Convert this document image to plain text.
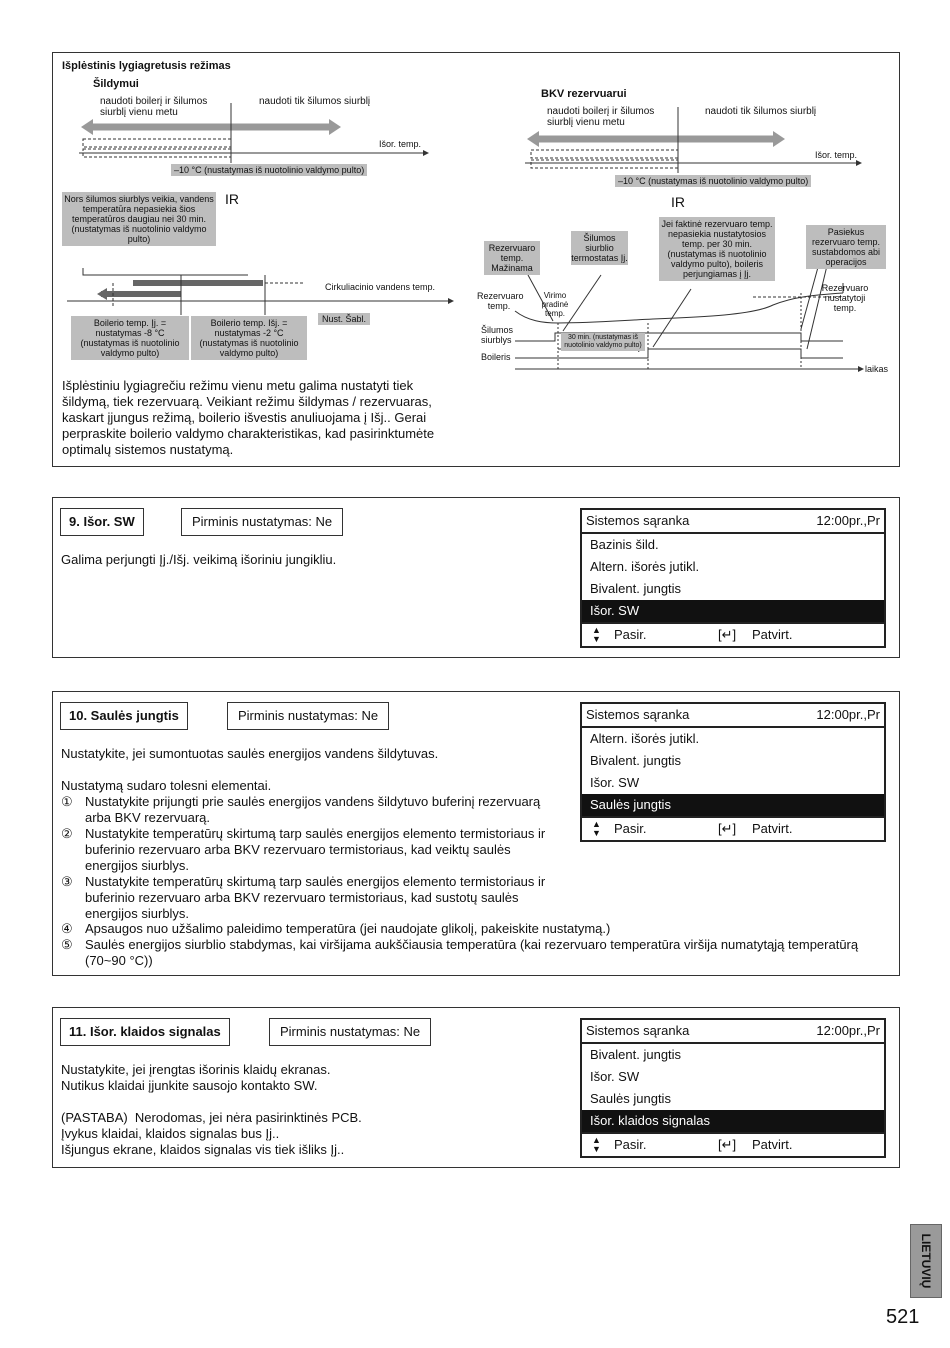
Išplėstinis lygiagretusis režimas
Šildymui
naudoti boilerį ir šilumos siurblį vienu metu
naudoti tik šilumos siurblį
Išor. temp.
–10 °C (nustatymas iš nuotolinio valdymo pulto)
Nors šilumos siurblys veikia, vandens temperatūra nepasiekia šios temperatūros daugiau nei 30 min. (nustatymas iš nuotolinio valdymo pulto)
IR
Cirkuliacinio vandens temp.
Boilerio temp. Įj. = nustatymas -8 °C (nustatymas iš nuotolinio valdymo pulto)
Boilerio temp. Išj. = nustatymas -2 °C (nustatymas iš nuotolinio valdymo pulto)
Nust. Šabl.
Išplėstiniu lygiagrečiu režimu vienu metu galima nustatyti tiek šildymą, tiek rezervuarą. Veikiant režimu šildymas / rezervuaras, kaskart įjungus režimą, boilerio išvestis anuliuojama į Išj.. Gerai perpraskite boilerio valdymo charakteristikas, kad pasirinktumėte optimalų sistemos nustatymą.
BKV rezervuarui
naudoti boilerį ir šilumos siurblį vienu metu
naudoti tik šilumos siurblį
Išor. temp.
–10 °C (nustatymas iš nuotolinio valdymo pulto)
IR
Rezervuaro temp. Mažinama
Šilumos siurblio termostatas Įj.
Jei faktinė rezervuaro temp. nepasiekia nustatytosios temp. per 30 min. (nustatymas iš nuotolinio valdymo pulto), boileris perjungiamas į Įj.
Pasiekus rezervuaro temp. sustabdomos abi operacijos
Rezervuaro temp.
Virimo pradinė temp.
Rezervuaro nustatytoji temp.
Šilumos siurblys
Boileris
30 min. (nustatymas iš nuotolinio valdymo pulto)
laikas
9. Išor. SW	Pirminis nustatymas: Ne
Galima perjungti Įj./Išj. veikimą išoriniu jungikliu.
Sistemos sąranka	12:00pr.,Pr
Bazinis šild.
Altern. išorės jutikl.
Bivalent. jungtis
Išor. SW
▲
▼ Pasir.	[↵] Patvirt.
10. Saulės jungtis	Pirminis nustatymas: Ne
Nustatykite, jei sumontuotas saulės energijos vandens šildytuvas.
Nustatymą sudaro tolesni elementai.
① Nustatykite prijungti prie saulės energijos vandens šildytuvo buferinį rezervuarą arba BKV rezervuarą.
② Nustatykite temperatūrų skirtumą tarp saulės energijos elemento termistoriaus ir buferinio rezervuaro arba BKV rezervuaro termistoriaus, kad veiktų saulės energijos siurblys.
③ Nustatykite temperatūrų skirtumą tarp saulės energijos elemento termistoriaus ir buferinio rezervuaro arba BKV rezervuaro termistoriaus, kad sustotų saulės energijos siurblys.
④ Apsaugos nuo užšalimo paleidimo temperatūra (jei naudojate glikolį, pakeiskite nustatymą.)
⑤ Saulės energijos siurblio stabdymas, kai viršijama aukščiausia temperatūra (kai rezervuaro temperatūra viršija numatytąją temperatūrą (70~90 °C))
Sistemos sąranka	12:00pr.,Pr
Altern. išorės jutikl.
Bivalent. jungtis
Išor. SW
Saulės jungtis
▲
▼ Pasir.	[↵] Patvirt.
11. Išor. klaidos signalas	Pirminis nustatymas: Ne
Nustatykite, jei įrengtas išorinis klaidų ekranas.
Nutikus klaidai įjunkite sausojo kontakto SW.
(PASTABA)  Nerodomas, jei nėra pasirinktinės PCB.
Įvykus klaidai, klaidos signalas bus Įj..
Išjungus ekrane, klaidos signalas vis tiek išliks Įj..
Sistemos sąranka	12:00pr.,Pr
Bivalent. jungtis
Išor. SW
Saulės jungtis
Išor. klaidos signalas
▲
▼ Pasir.	[↵] Patvirt.
LIETUVIŲ
521
